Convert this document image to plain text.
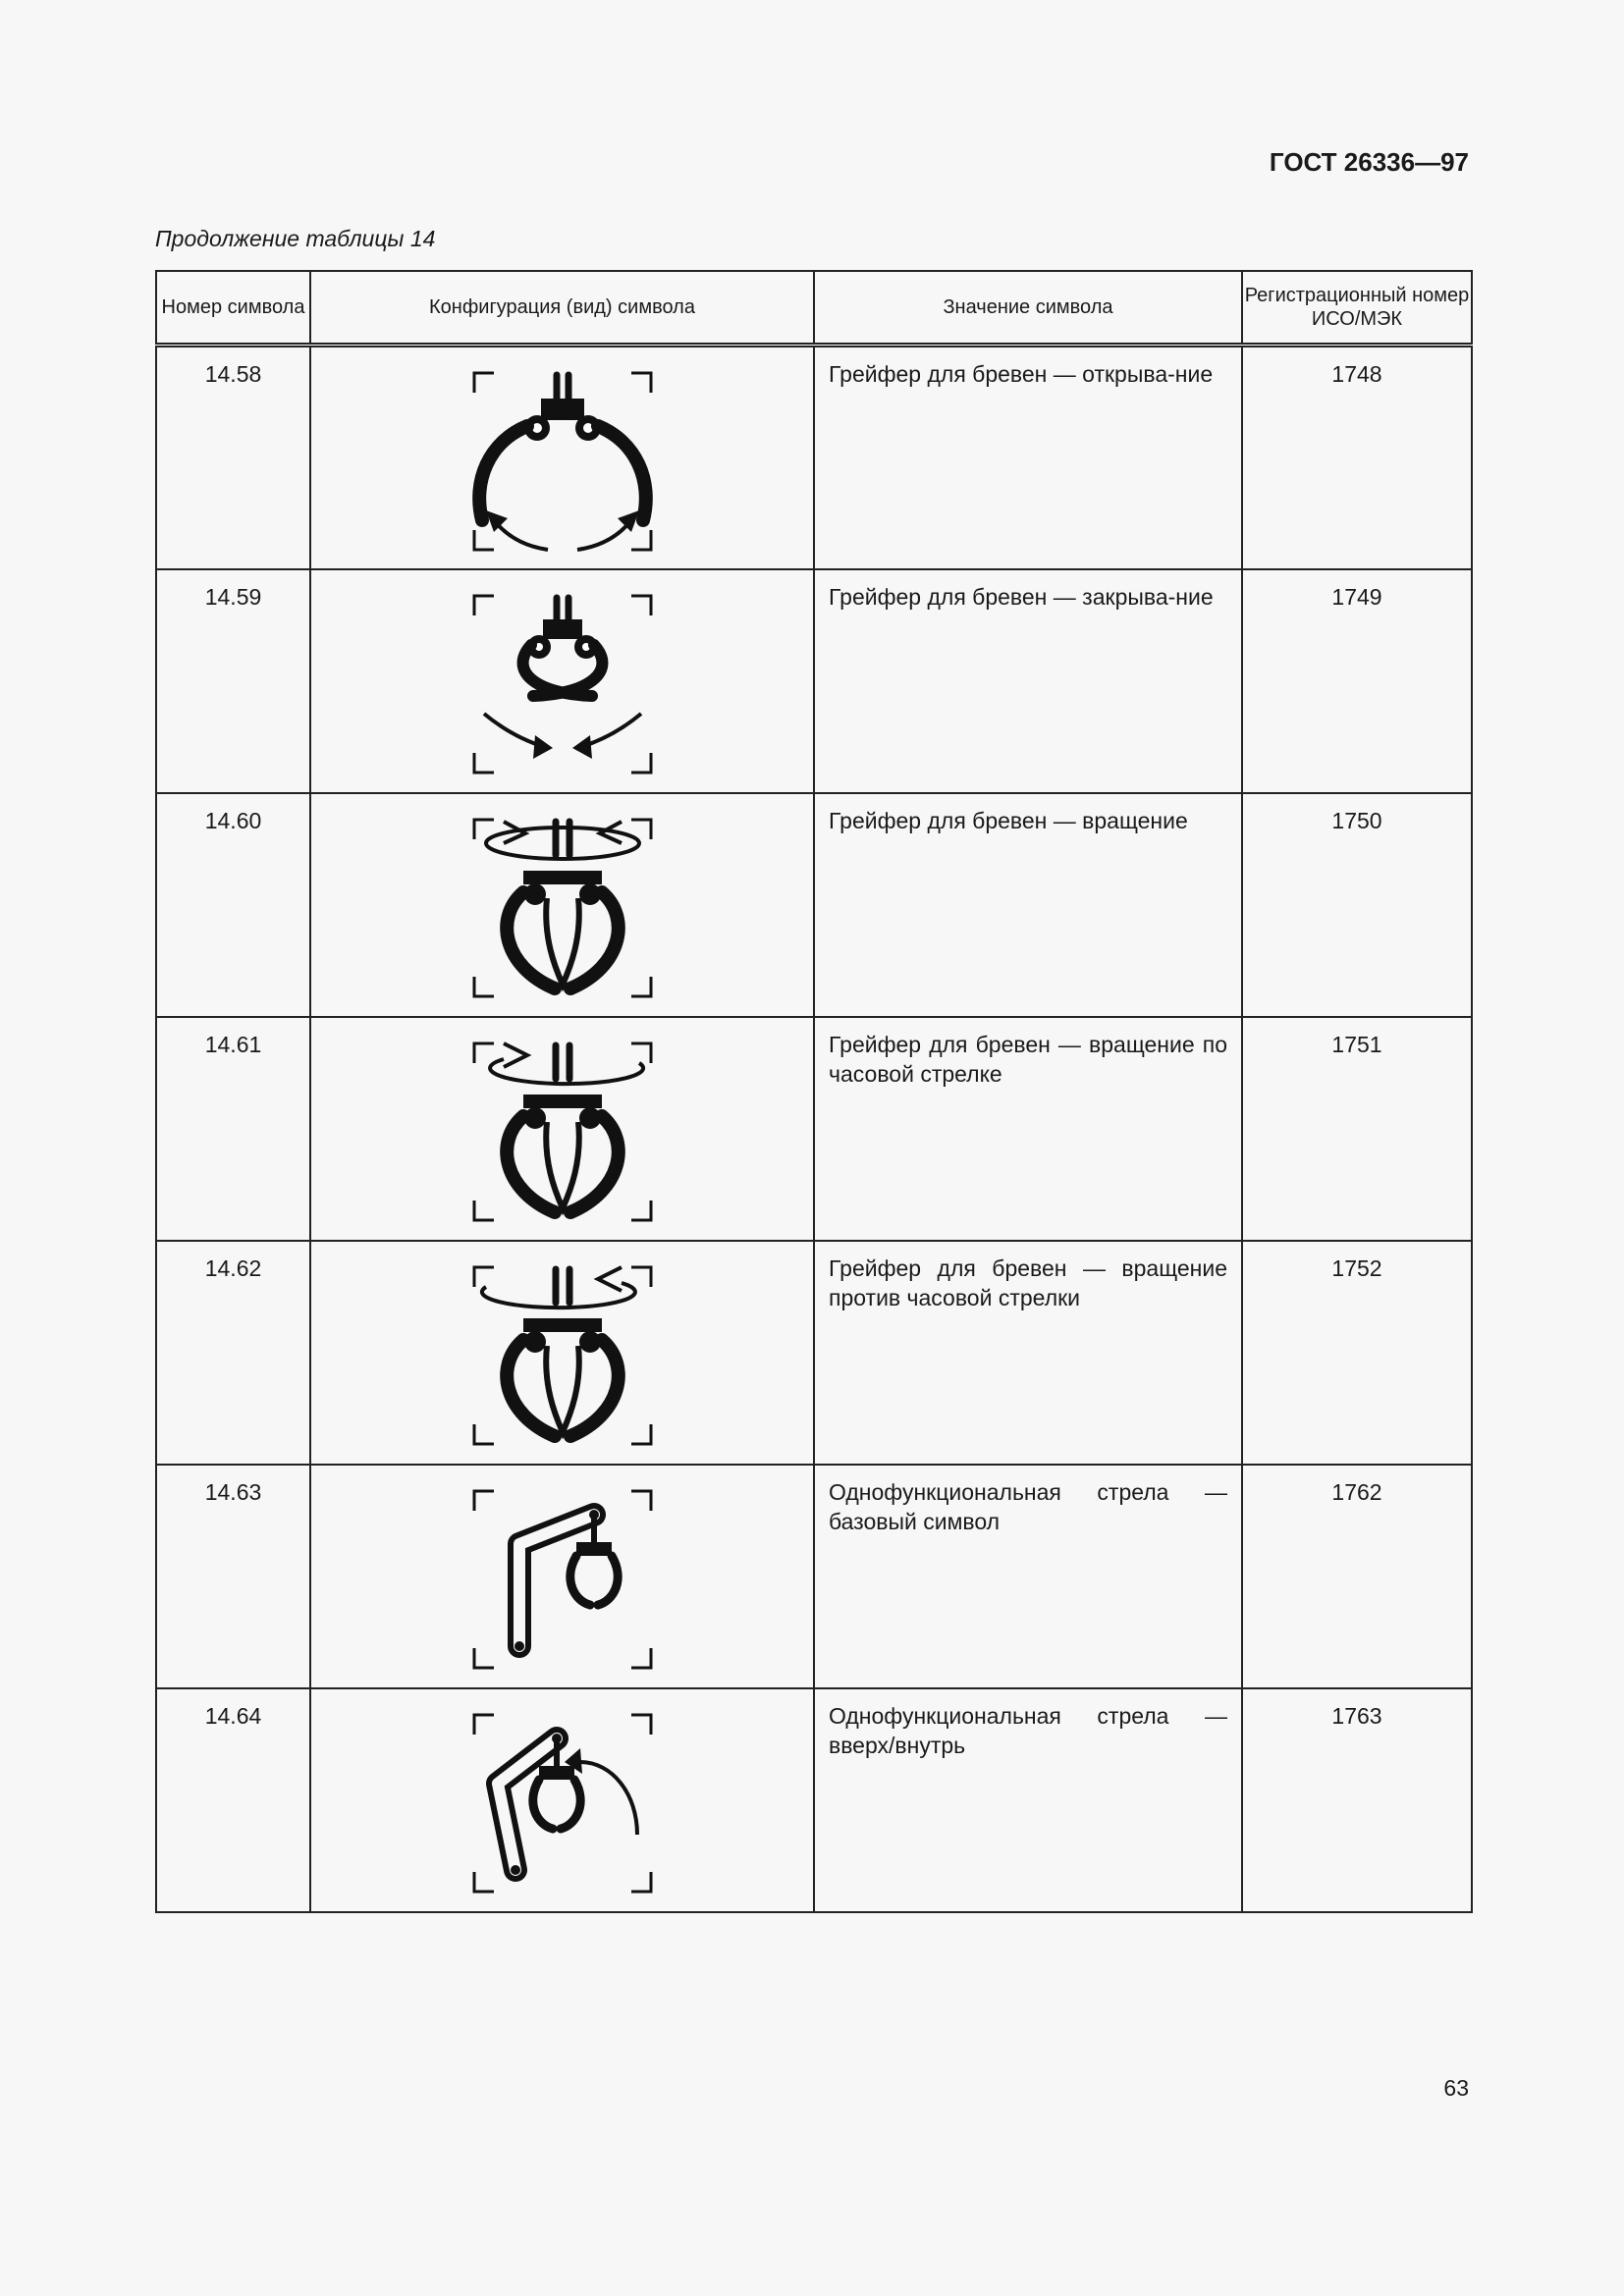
ГОСТ 26336—97
Продолжение таблицы 14
Номер символа	Конфигурация (вид) символа	Значение символа	Регистрационный номер ИСО/МЭК
14.58		Грейфер для бревен — открыва-ние	1748
14.59		Грейфер для бревен — закрыва-ние	1749
14.60		Грейфер для бревен — вращение	1750
14.61		Грейфер для бревен — вращение по часовой стрелке	1751
14.62		Грейфер для бревен — вращение против часовой стрелки	1752
14.63		Однофункциональная стрела — базовый символ	1762
14.64		Однофункциональная стрела — вверх/внутрь	1763
63
